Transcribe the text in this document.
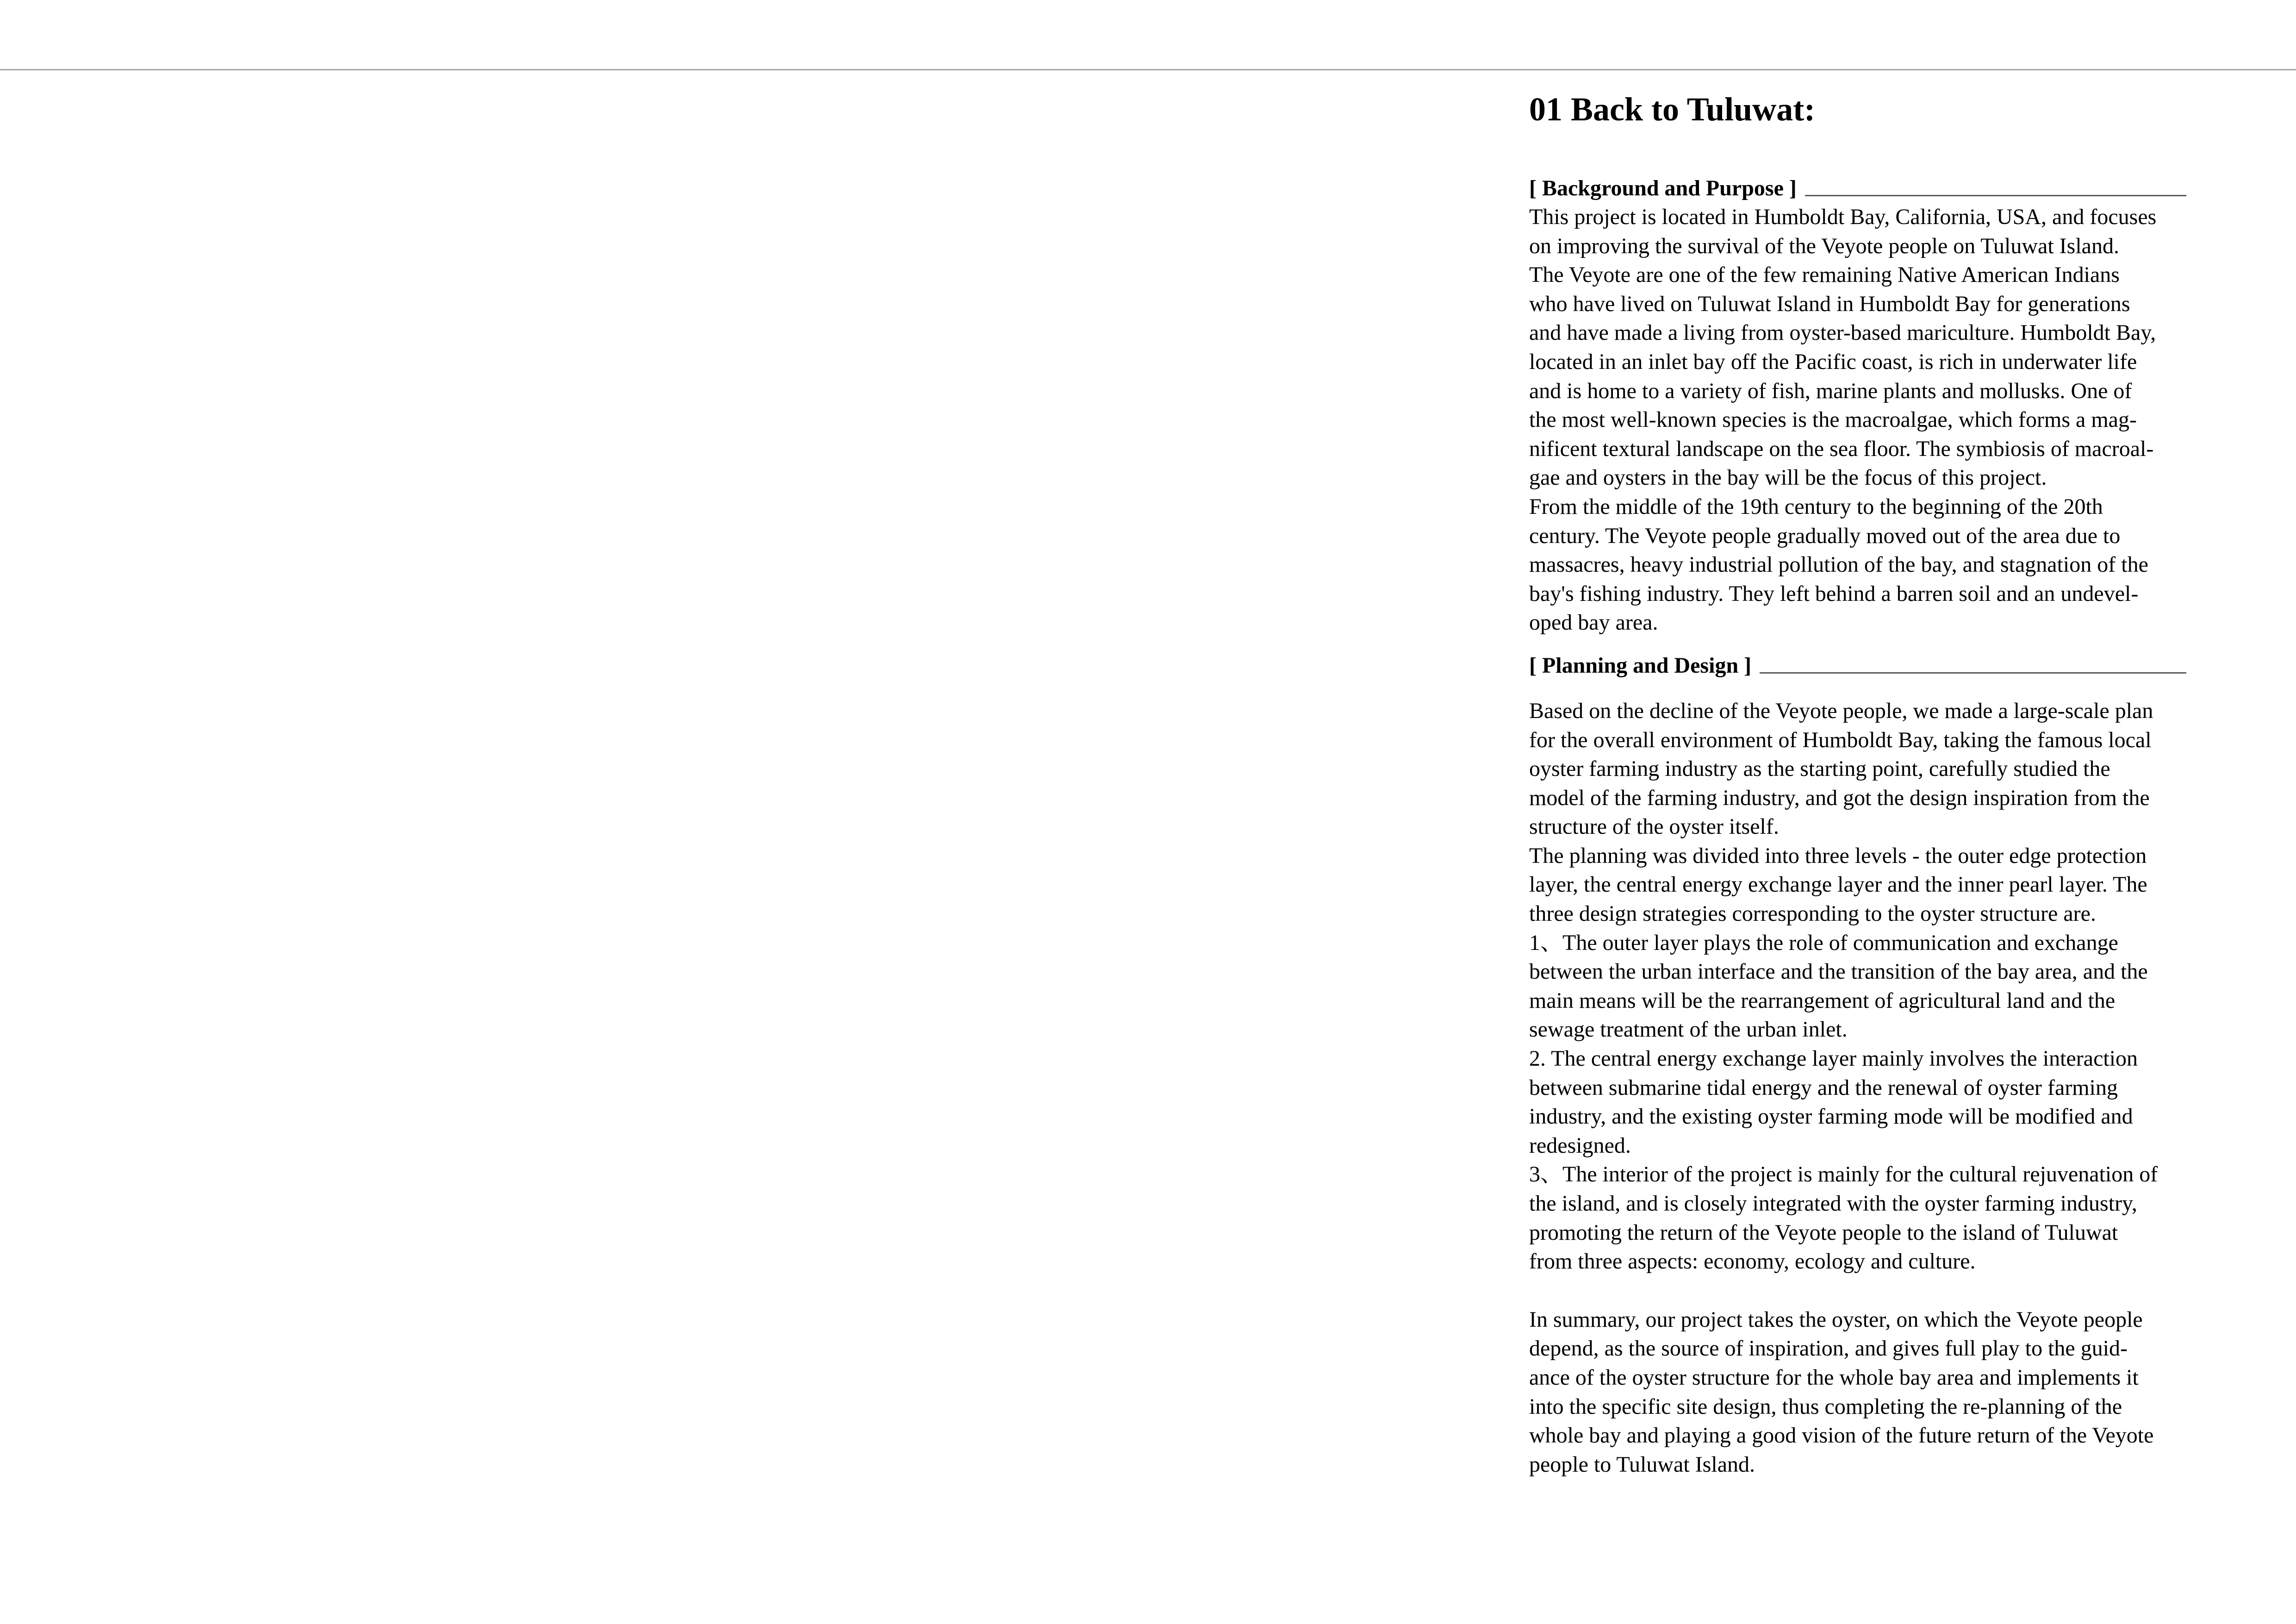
01 Back to Tuluwat:
[ Background and Purpose ]

This project is located in Humboldt Bay, California, USA, and focuses

on improving the survival of the Veyote people on Tuluwat Island.

The Veyote are one of the few remaining Native American Indians

who have lived on Tuluwat Island in Humboldt Bay for generations

and have made a living from oyster-based mariculture. Humboldt Bay,

located in an inlet bay off the Pacific coast, is rich in underwater life

and is home to a variety of fish, marine plants and mollusks. One of

the most well-known species is the macroalgae, which forms a mag-

nificent textural landscape on the sea floor. The symbiosis of macroal-

gae and oysters in the bay will be the focus of this project.

From the middle of the 19th century to the beginning of the 20th

century. The Veyote people gradually moved out of the area due to

massacres, heavy industrial pollution of the bay, and stagnation of the

bay's fishing industry. They left behind a barren soil and an undevel-

oped bay area.

[ Planning and Design ]

Based on the decline of the Veyote people, we made a large-scale plan

for the overall environment of Humboldt Bay, taking the famous local

oyster farming industry as the starting point, carefully studied the

model of the farming industry, and got the design inspiration from the

structure of the oyster itself.

The planning was divided into three levels - the outer edge protection

layer, the central energy exchange layer and the inner pearl layer. The

three design strategies corresponding to the oyster structure are.

1、The outer layer plays the role of communication and exchange

between the urban interface and the transition of the bay area, and the

main means will be the rearrangement of agricultural land and the

sewage treatment of the urban inlet.

2. The central energy exchange layer mainly involves the interaction

between submarine tidal energy and the renewal of oyster farming

industry, and the existing oyster farming mode will be modified and

redesigned.

3、The interior of the project is mainly for the cultural rejuvenation of

the island, and is closely integrated with the oyster farming industry,

promoting the return of the Veyote people to the island of Tuluwat

from three aspects: economy, ecology and culture.

In summary, our project takes the oyster, on which the Veyote people

depend, as the source of inspiration, and gives full play to the guid-

ance of the oyster structure for the whole bay area and implements it

into the specific site design, thus completing the re-planning of the

whole bay and playing a good vision of the future return of the Veyote

people to Tuluwat Island.
